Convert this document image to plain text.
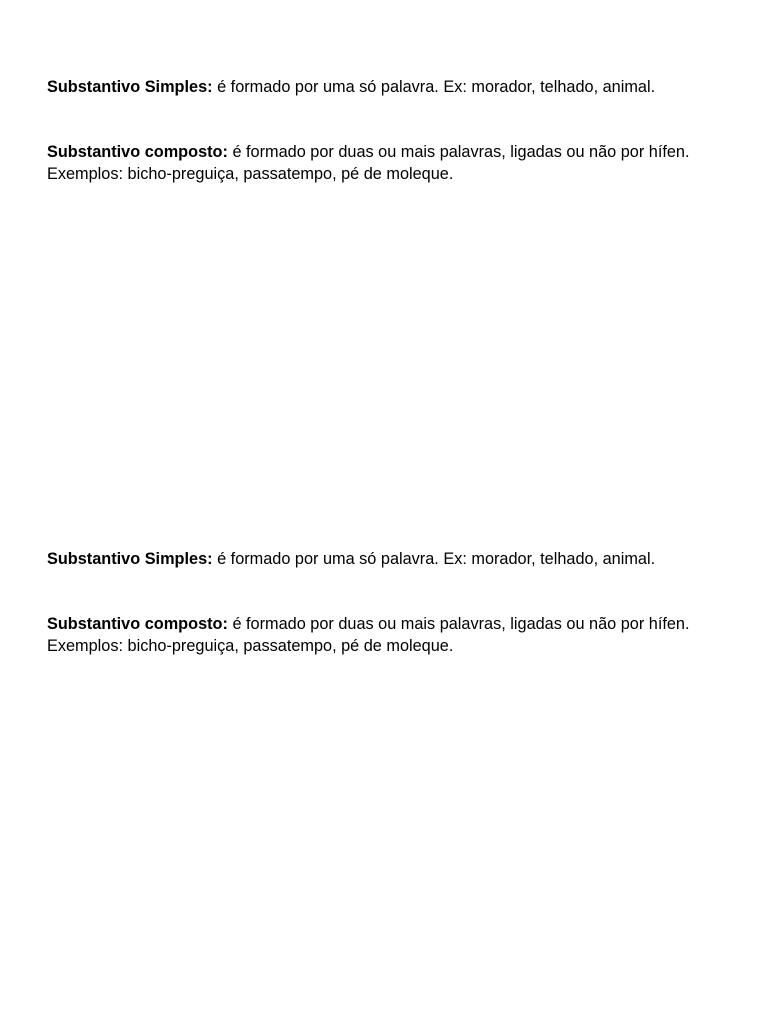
Substantivo Simples: é formado por uma só palavra. Ex: morador, telhado, animal.

Substantivo composto: é formado por duas ou mais palavras, ligadas ou não por hífen.
Exemplos: bicho-preguiça, passatempo, pé de moleque.

Substantivo Simples: é formado por uma só palavra. Ex: morador, telhado, animal.

Substantivo composto: é formado por duas ou mais palavras, ligadas ou não por hífen.
Exemplos: bicho-preguiça, passatempo, pé de moleque.
